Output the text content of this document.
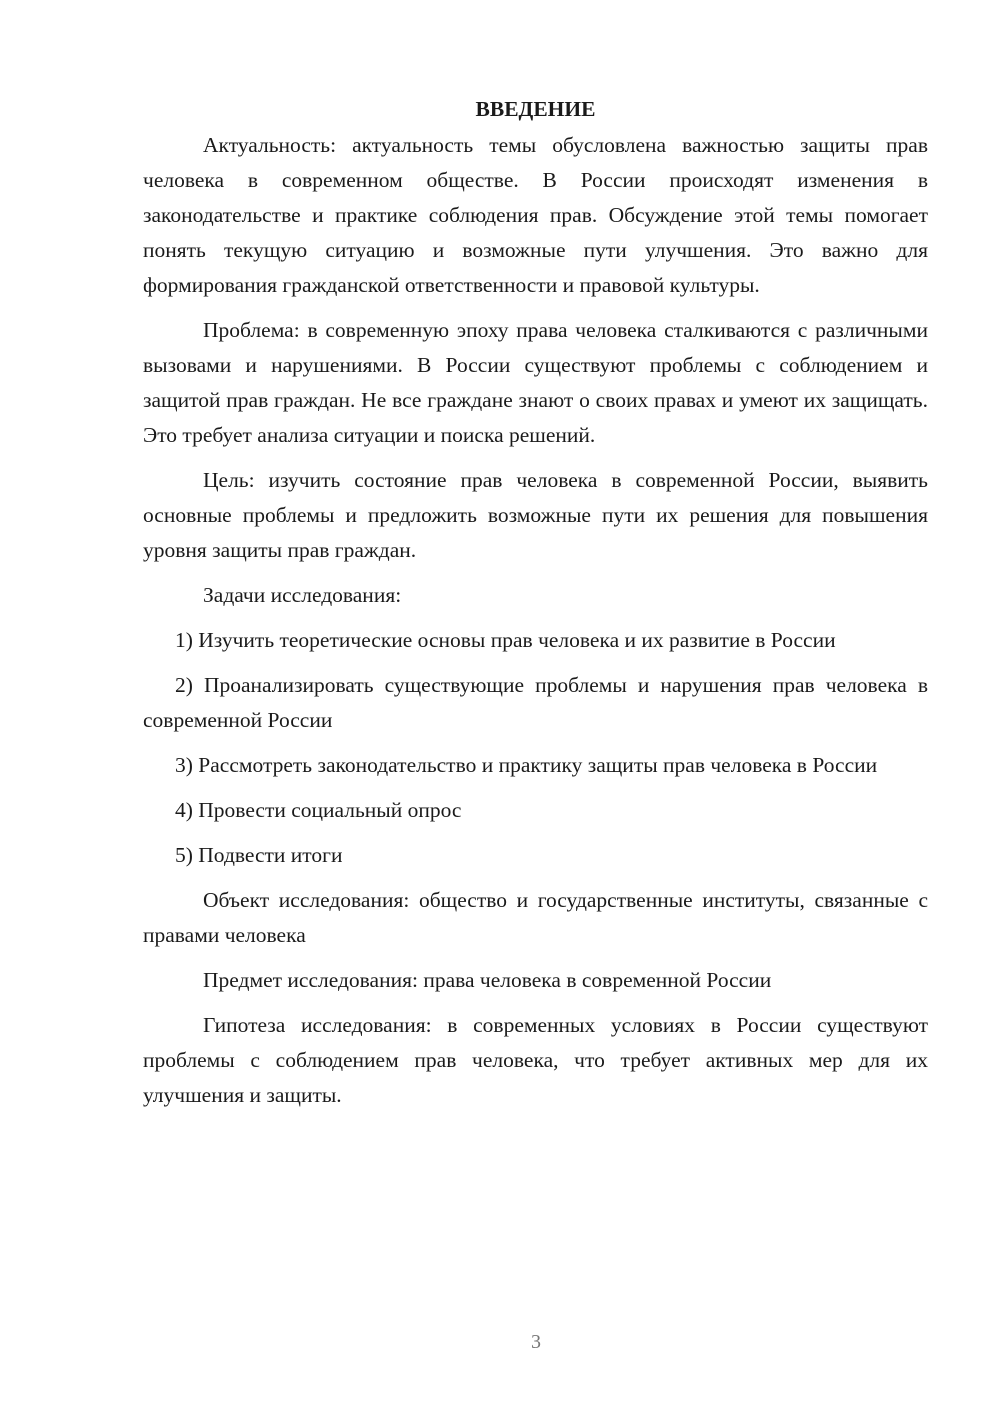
ВВЕДЕНИЕ

Актуальность: актуальность темы обусловлена важностью защиты прав человека в современном обществе. В России происходят изменения в законодательстве и практике соблюдения прав. Обсуждение этой темы помогает понять текущую ситуацию и возможные пути улучшения. Это важно для формирования гражданской ответственности и правовой культуры.

Проблема: в современную эпоху права человека сталкиваются с различными вызовами и нарушениями. В России существуют проблемы с соблюдением и защитой прав граждан. Не все граждане знают о своих правах и умеют их защищать. Это требует анализа ситуации и поиска решений.

Цель: изучить состояние прав человека в современной России, выявить основные проблемы и предложить возможные пути их решения для повышения уровня защиты прав граждан.

Задачи исследования:

1) Изучить теоретические основы прав человека и их развитие в России

2) Проанализировать существующие проблемы и нарушения прав человека в современной России

3) Рассмотреть законодательство и практику защиты прав человека в России

4) Провести социальный опрос

5) Подвести итоги

Объект исследования: общество и государственные институты, связанные с правами человека

Предмет исследования: права человека в современной России

Гипотеза исследования: в современных условиях в России существуют проблемы с соблюдением прав человека, что требует активных мер для их улучшения и защиты.

3
